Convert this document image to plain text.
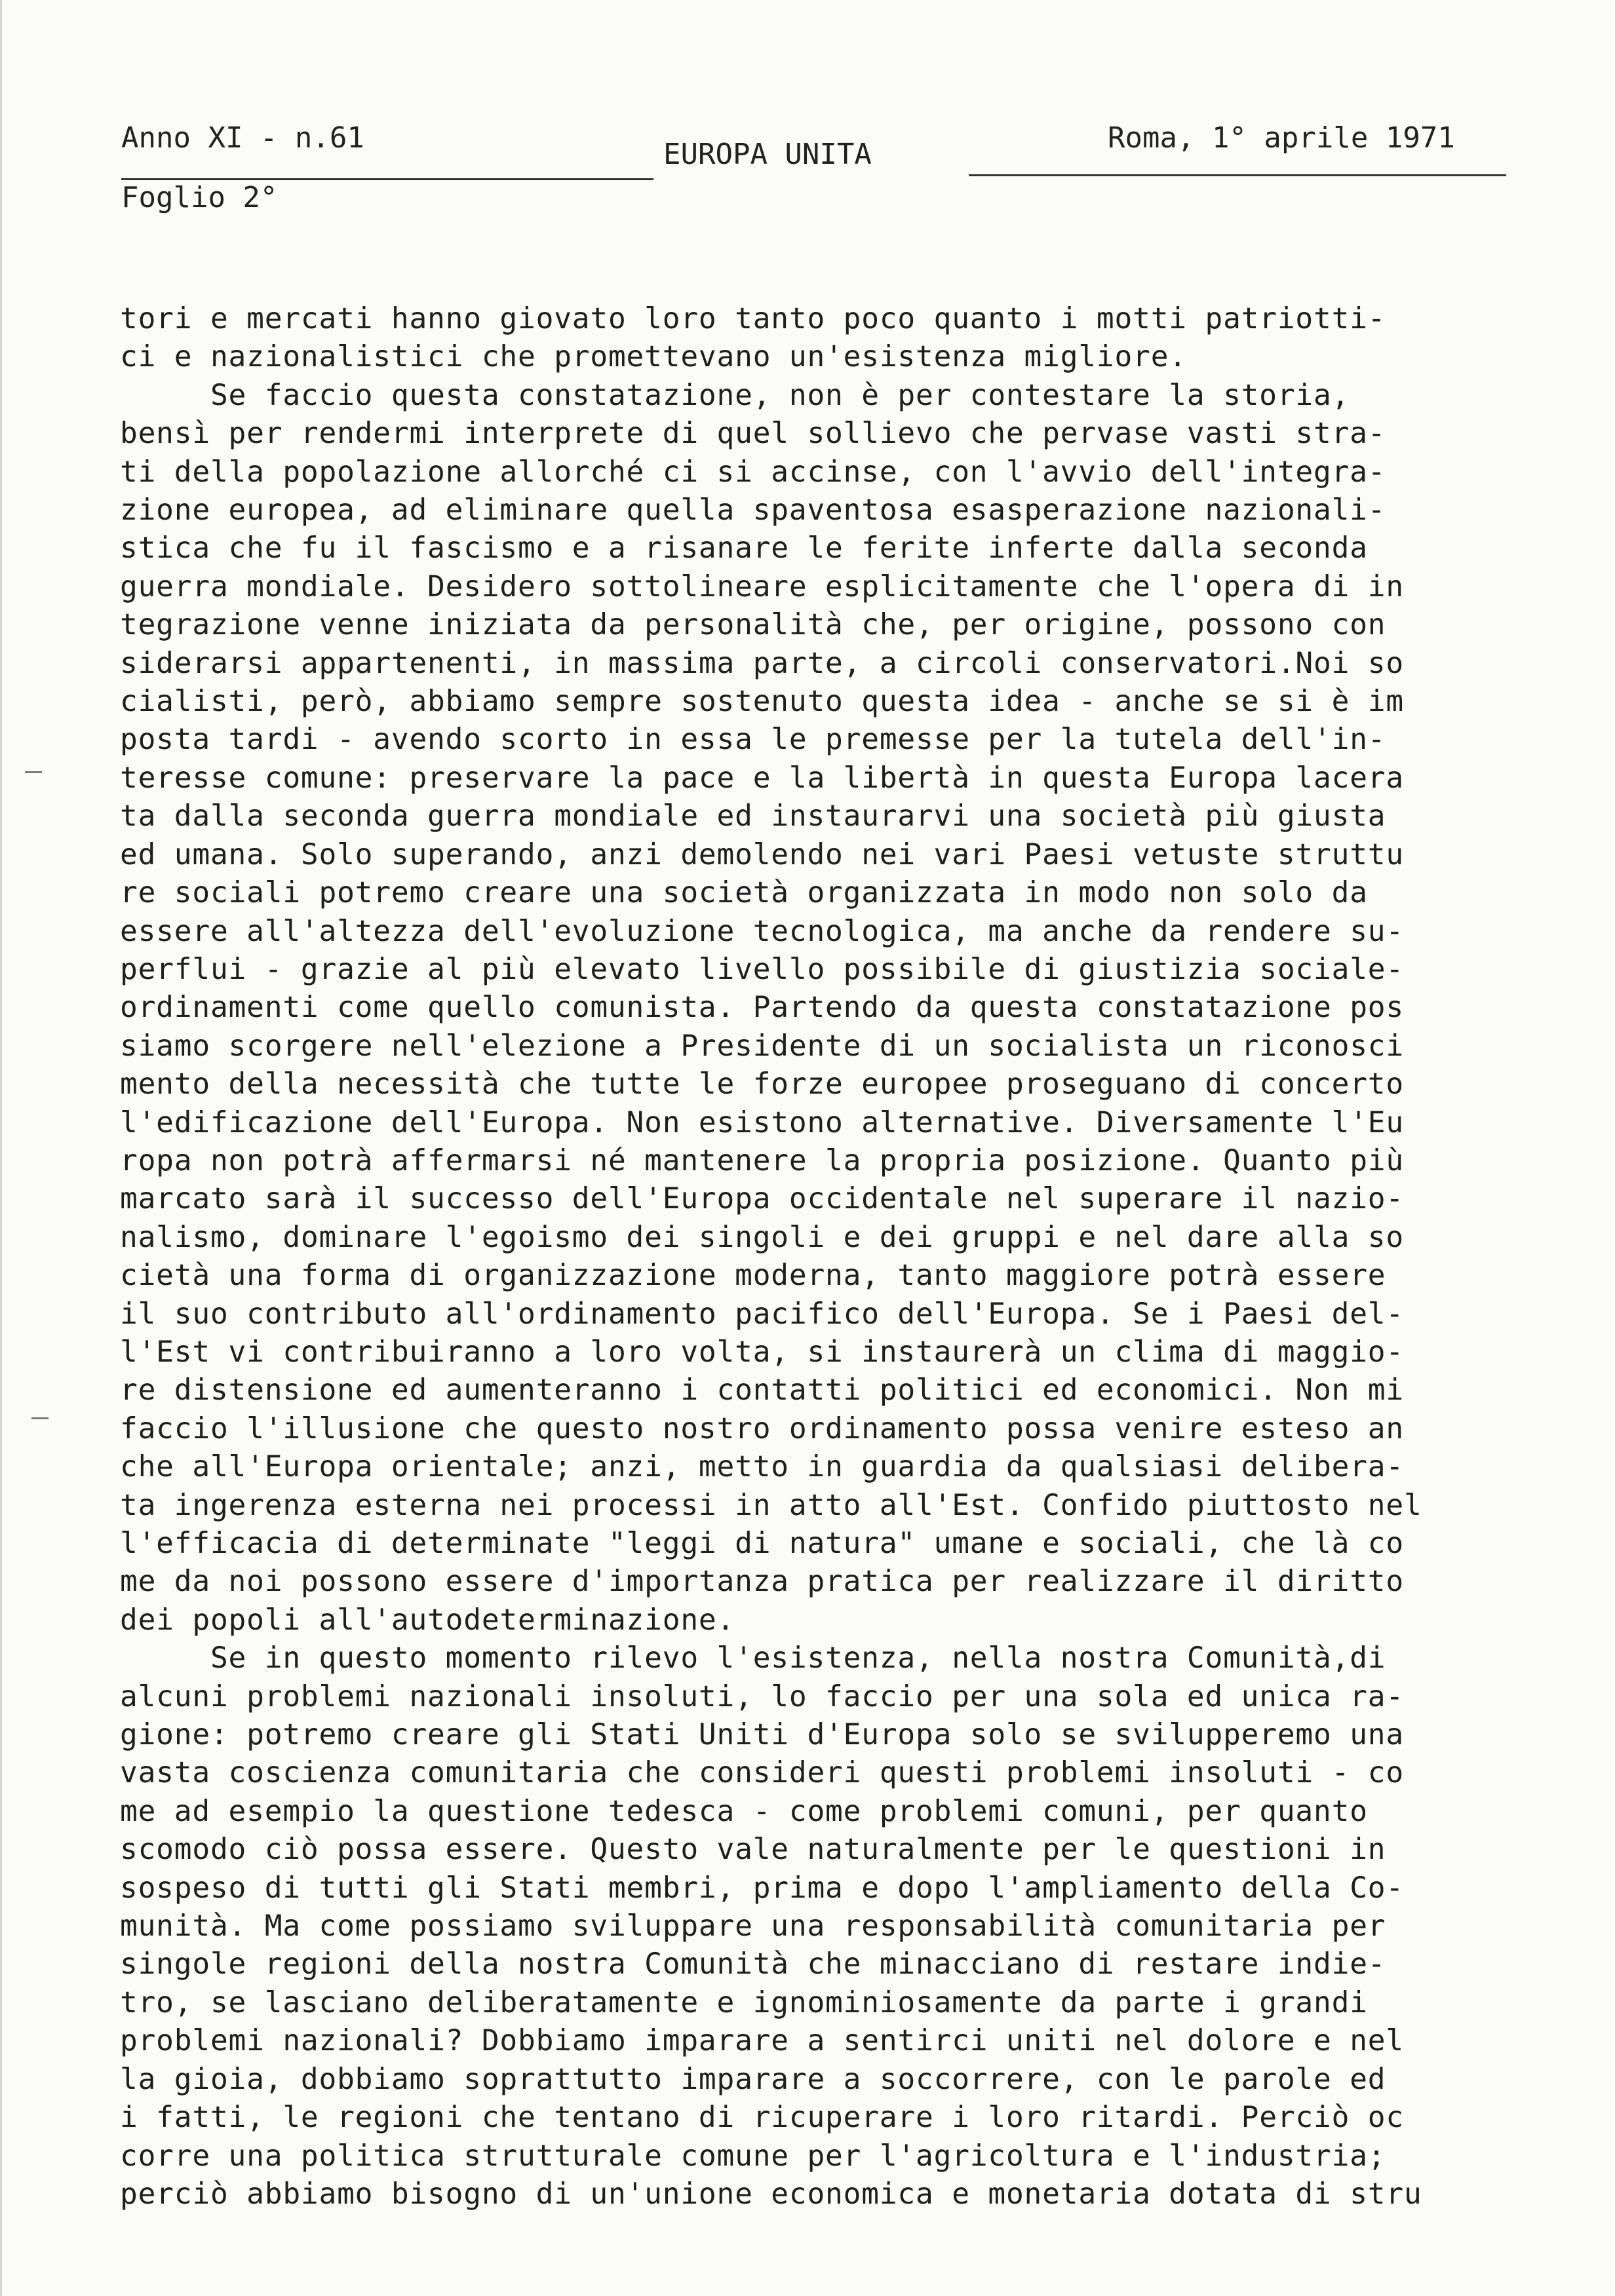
Anno XI - n.61	EUROPA UNITA	Roma, 1° aprile 1971
Foglio 2°
tori e mercati hanno giovato loro tanto poco quanto i motti patriotti-
ci e nazionalistici che promettevano un'esistenza migliore.
Se faccio questa constatazione, non è per contestare la storia,
bensì per rendermi interprete di quel sollievo che pervase vasti stra-
ti della popolazione allorché ci si accinse, con l'avvio dell'integra-
zione europea, ad eliminare quella spaventosa esasperazione nazionali-
stica che fu il fascismo e a risanare le ferite inferte dalla seconda
guerra mondiale. Desidero sottolineare esplicitamente che l'opera di in
tegrazione venne iniziata da personalità che, per origine, possono con
siderarsi appartenenti, in massima parte, a circoli conservatori.Noi so
cialisti, però, abbiamo sempre sostenuto questa idea - anche se si è im
posta tardi - avendo scorto in essa le premesse per la tutela dell'in-
teresse comune: preservare la pace e la libertà in questa Europa lacera
ta dalla seconda guerra mondiale ed instaurarvi una società più giusta
ed umana. Solo superando, anzi demolendo nei vari Paesi vetuste struttu
re sociali potremo creare una società organizzata in modo non solo da
essere all'altezza dell'evoluzione tecnologica, ma anche da rendere su-
perflui - grazie al più elevato livello possibile di giustizia sociale-
ordinamenti come quello comunista. Partendo da questa constatazione pos
siamo scorgere nell'elezione a Presidente di un socialista un riconosci
mento della necessità che tutte le forze europee proseguano di concerto
l'edificazione dell'Europa. Non esistono alternative. Diversamente l'Eu
ropa non potrà affermarsi né mantenere la propria posizione. Quanto più
marcato sarà il successo dell'Europa occidentale nel superare il nazio-
nalismo, dominare l'egoismo dei singoli e dei gruppi e nel dare alla so
cietà una forma di organizzazione moderna, tanto maggiore potrà essere
il suo contributo all'ordinamento pacifico dell'Europa. Se i Paesi del-
l'Est vi contribuiranno a loro volta, si instaurerà un clima di maggio-
re distensione ed aumenteranno i contatti politici ed economici. Non mi
faccio l'illusione che questo nostro ordinamento possa venire esteso an
che all'Europa orientale; anzi, metto in guardia da qualsiasi delibera-
ta ingerenza esterna nei processi in atto all'Est. Confido piuttosto nel
l'efficacia di determinate "leggi di natura" umane e sociali, che là co
me da noi possono essere d'importanza pratica per realizzare il diritto
dei popoli all'autodeterminazione.
Se in questo momento rilevo l'esistenza, nella nostra Comunità,di
alcuni problemi nazionali insoluti, lo faccio per una sola ed unica ra-
gione: potremo creare gli Stati Uniti d'Europa solo se svilupperemo una
vasta coscienza comunitaria che consideri questi problemi insoluti - co
me ad esempio la questione tedesca - come problemi comuni, per quanto
scomodo ciò possa essere. Questo vale naturalmente per le questioni in
sospeso di tutti gli Stati membri, prima e dopo l'ampliamento della Co-
munità. Ma come possiamo sviluppare una responsabilità comunitaria per
singole regioni della nostra Comunità che minacciano di restare indie-
tro, se lasciano deliberatamente e ignominiosamente da parte i grandi
problemi nazionali? Dobbiamo imparare a sentirci uniti nel dolore e nel
la gioia, dobbiamo soprattutto imparare a soccorrere, con le parole ed
i fatti, le regioni che tentano di ricuperare i loro ritardi. Perciò oc
corre una politica strutturale comune per l'agricoltura e l'industria;
perciò abbiamo bisogno di un'unione economica e monetaria dotata di stru
